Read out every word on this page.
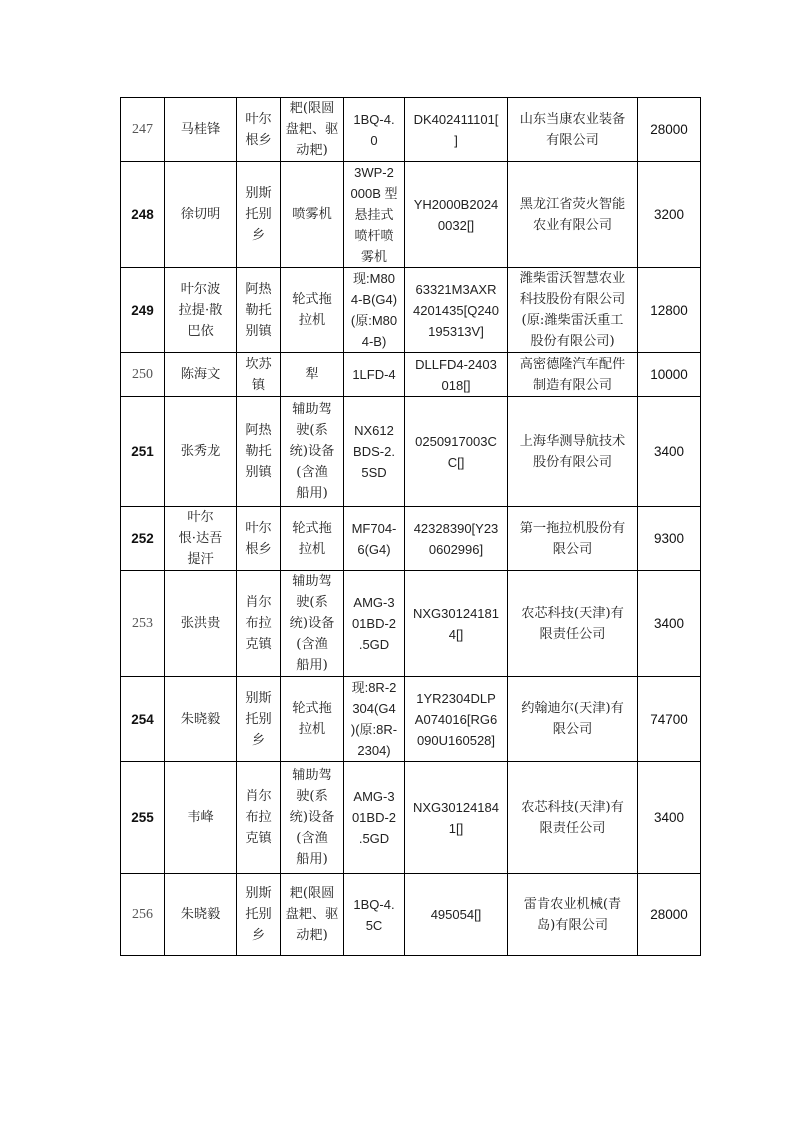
247	马桂锋	叶尔
根乡	耙(限圆
盘耙、驱
动耙)	1BQ-4.
0	DK402411101[
]	山东当康农业装备
有限公司	28000
248	徐切明	别斯
托别
乡	喷雾机	3WP-2
000B 型
悬挂式
喷杆喷
雾机	YH2000B2024
0032[]	黑龙江省荧火智能
农业有限公司	3200
249	叶尔波
拉提·散
巴依	阿热
勒托
别镇	轮式拖
拉机	现:M80
4-B(G4)
(原:M80
4-B)	63321M3AXR
4201435[Q240
195313V]	潍柴雷沃智慧农业
科技股份有限公司
(原:潍柴雷沃重工
股份有限公司)	12800
250	陈海文	坎苏
镇	犁	1LFD-4	DLLFD4-2403
018[]	高密德隆汽车配件
制造有限公司	10000
251	张秀龙	阿热
勒托
别镇	辅助驾
驶(系
统)设备
(含渔
船用)	NX612
BDS-2.
5SD	0250917003C
C[]	上海华测导航技术
股份有限公司	3400
252	叶尔
恨·达吾
提汗	叶尔
根乡	轮式拖
拉机	MF704-
6(G4)	42328390[Y23
0602996]	第一拖拉机股份有
限公司	9300
253	张洪贵	肖尔
布拉
克镇	辅助驾
驶(系
统)设备
(含渔
船用)	AMG-3
01BD-2
.5GD	NXG30124181
4[]	农芯科技(天津)有
限责任公司	3400
254	朱晓毅	别斯
托别
乡	轮式拖
拉机	现:8R-2
304(G4
)(原:8R-
2304)	1YR2304DLP
A074016[RG6
090U160528]	约翰迪尔(天津)有
限公司	74700
255	韦峰	肖尔
布拉
克镇	辅助驾
驶(系
统)设备
(含渔
船用)	AMG-3
01BD-2
.5GD	NXG30124184
1[]	农芯科技(天津)有
限责任公司	3400
256	朱晓毅	别斯
托别
乡	耙(限圆
盘耙、驱
动耙)	1BQ-4.
5C	495054[]	雷肯农业机械(青
岛)有限公司	28000
